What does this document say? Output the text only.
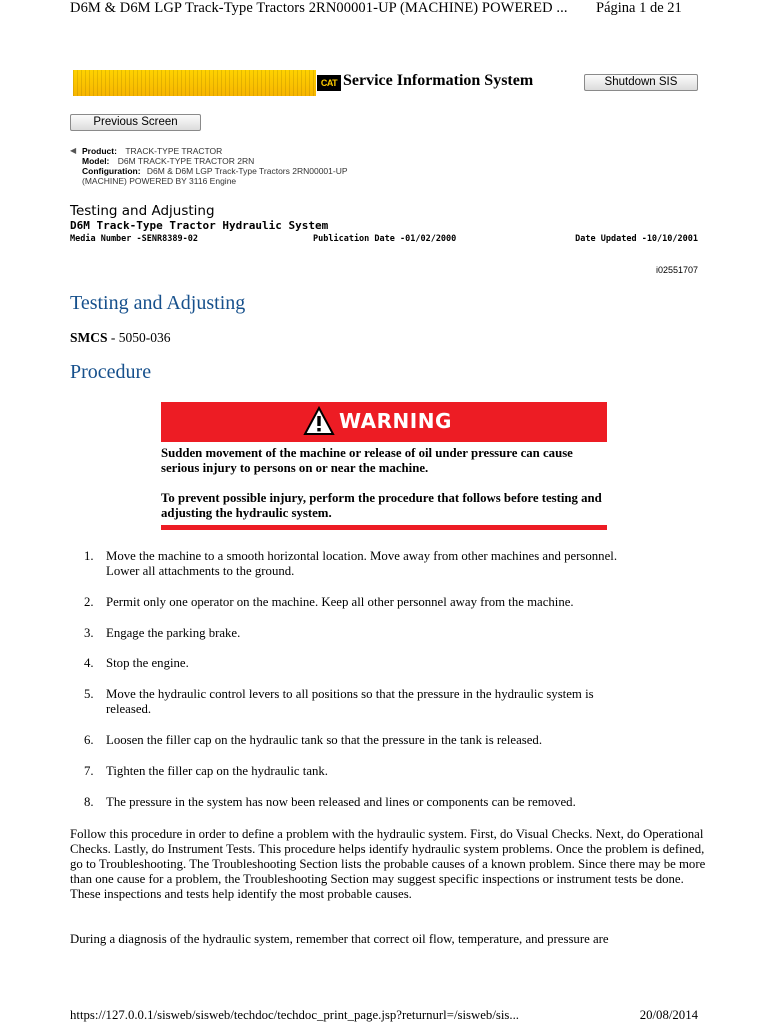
D6M & D6M LGP Track-Type Tractors 2RN00001-UP (MACHINE) POWERED ... Página 1 de 21
CAT Service Information System	Shutdown SIS
Previous Screen
◀ Product: TRACK-TYPE TRACTOR
Model: D6M TRACK-TYPE TRACTOR 2RN
Configuration: D6M & D6M LGP Track-Type Tractors 2RN00001-UP
(MACHINE) POWERED BY 3116 Engine
Testing and Adjusting
D6M Track-Type Tractor Hydraulic System
Media Number -SENR8389-02	Publication Date -01/02/2000	Date Updated -10/10/2001
i02551707
Testing and Adjusting
SMCS - 5050-036
Procedure
WARNING

Sudden movement of the machine or release of oil under pressure can cause serious injury to persons on or near the machine.

To prevent possible injury, perform the procedure that follows before testing and adjusting the hydraulic system.

1. Move the machine to a smooth horizontal location. Move away from other machines and personnel.
Lower all attachments to the ground.
2. Permit only one operator on the machine. Keep all other personnel away from the machine.
3. Engage the parking brake.
4. Stop the engine.
5. Move the hydraulic control levers to all positions so that the pressure in the hydraulic system is
released.
6. Loosen the filler cap on the hydraulic tank so that the pressure in the tank is released.
7. Tighten the filler cap on the hydraulic tank.
8. The pressure in the system has now been released and lines or components can be removed.
Follow this procedure in order to define a problem with the hydraulic system. First, do Visual Checks. Next, do Operational Checks. Lastly, do Instrument Tests. This procedure helps identify hydraulic system problems. Once the problem is defined, go to Troubleshooting. The Troubleshooting Section lists the probable causes of a known problem. Since there may be more than one cause for a problem, the Troubleshooting Section may suggest specific inspections or instrument tests be done. These inspections and tests help identify the most probable causes.
During a diagnosis of the hydraulic system, remember that correct oil flow, temperature, and pressure are
https://127.0.0.1/sisweb/sisweb/techdoc/techdoc_print_page.jsp?returnurl=/sisweb/sis...	20/08/2014
